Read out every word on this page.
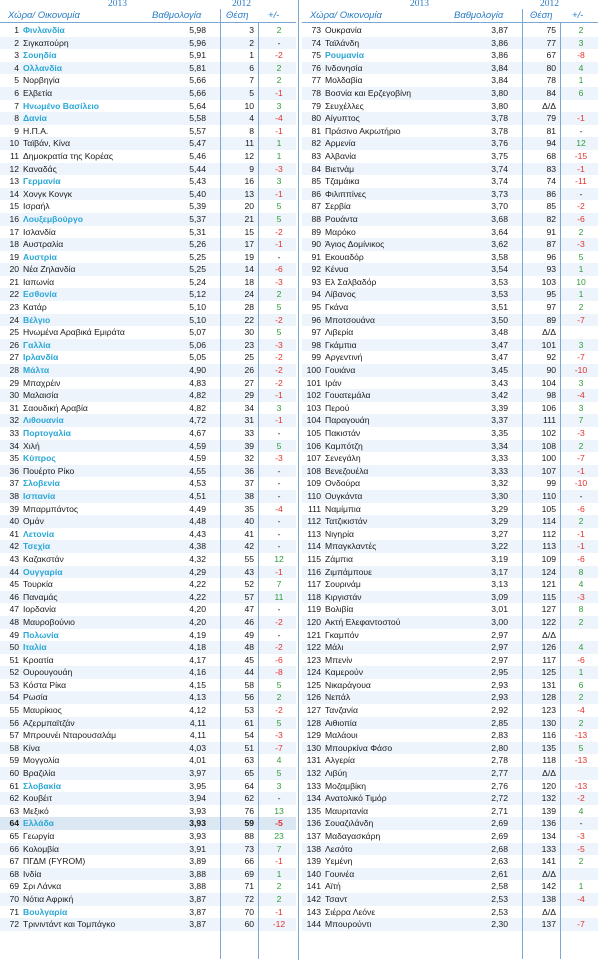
2013	2012
Χώρα/ Οικονομία	Βαθμολογία	Θέση +/-
2013	2012
Χώρα/ Οικονομία	Βαθμολογία	Θέση +/-
1 Φινλανδία	5,98	3	2
2 Σιγκαπούρη	5,96	2	-
3 Σουηδία	5,91	1	-2
4 Ολλανδία	5,81	6	2
5 Νορβηγία	5,66	7	2
6 Ελβετία	5,66	5	-1
7 Ηνωμένο Βασίλειο	5,64	10	3
8 Δανία	5,58	4	-4
9 Η.Π.Α.	5,57	8	-1
10 Ταϊβάν, Κίνα	5,47	11	1
11 Δημοκρατία της Κορέας	5,46	12	1
12 Καναδάς	5,44	9	-3
13 Γερμανία	5,43	16	3
14 Χονγκ Κονγκ	5,40	13	-1
15 Ισραήλ	5,39	20	5
16 Λουξεμβούργο	5,37	21	5
17 Ισλανδία	5,31	15	-2
18 Αυστραλία	5,26	17	-1
19 Αυστρία	5,25	19	-
20 Νέα Ζηλανδία	5,25	14	-6
21 Ιαπωνία	5,24	18	-3
22 Εσθονία	5,12	24	2
23 Κατάρ	5,10	28	5
24 Βέλγιο	5,10	22	-2
25 Ηνωμένα Αραβικά Εμιράτα	5,07	30	5
26 Γαλλία	5,06	23	-3
27 Ιρλανδία	5,05	25	-2
28 Μάλτα	4,90	26	-2
29 Μπαχρέιν	4,83	27	-2
30 Μαλαισία	4,82	29	-1
31 Σαουδική Αραβία	4,82	34	3
32 Λιθουανία	4,72	31	-1
33 Πορτογαλία	4,67	33	-
34 Χιλή	4,59	39	5
35 Κύπρος	4,59	32	-3
36 Πουέρτο Ρίκο	4,55	36	-
37 Σλοβενία	4,53	37	-
38 Ισπανία	4,51	38	-
39 Μπαρμπάντος	4,49	35	-4
40 Ομάν	4,48	40	-
41 Λετονία	4,43	41	-
42 Τσεχία	4,38	42	-
43 Καζακστάν	4,32	55	12
44 Ουγγαρία	4,29	43	-1
45 Τουρκία	4,22	52	7
46 Παναμάς	4,22	57	11
47 Ιορδανία	4,20	47	-
48 Μαυροβούνιο	4,20	46	-2
49 Πολωνία	4,19	49	-
50 Ιταλία	4,18	48	-2
51 Κροατία	4,17	45	-6
52 Ουρουγουάη	4,16	44	-8
53 Κόστα Ρίκα	4,15	58	5
54 Ρωσία	4,13	56	2
55 Μαυρίκιος	4,12	53	-2
56 Αζερμπαϊτζάν	4,11	61	5
57 Μπρουνέι Νταρουσαλάμ	4,11	54	-3
58 Κίνα	4,03	51	-7
59 Μογγολία	4,01	63	4
60 Βραζιλία	3,97	65	5
61 Σλοβακία	3,95	64	3
62 Κουβέιτ	3,94	62	-
63 Μεξικό	3,93	76	13
64 Ελλάδα	3,93	59	-5
65 Γεωργία	3,93	88	23
66 Κολομβία	3,91	73	7
67 ΠΓΔΜ (FYROM)	3,89	66	-1
68 Ινδία	3,88	69	1
69 Σρι Λάνκα	3,88	71	2
70 Νότια Αφρική	3,87	72	2
71 Βουλγαρία	3,87	70	-1
72 Τρινιντάντ και Τομπάγκο	3,87	60	-12
73 Ουκρανία	3,87	75	2
74 Ταϊλάνδη	3,86	77	3
75 Ρουμανία	3,86	67	-8
76 Ινδονησία	3,84	80	4
77 Μολδαβία	3,84	78	1
78 Βοσνία και Ερζεγοβίνη	3,80	84	6
79 Σευχέλλες	3,80	Δ/Δ
80 Αίγυπτος	3,78	79	-1
81 Πράσινο Ακρωτήριο	3,78	81	-
82 Αρμενία	3,76	94	12
83 Αλβανία	3,75	68	-15
84 Βιετνάμ	3,74	83	-1
85 Τζαμάικα	3,74	74	-11
86 Φιλιππίνες	3,73	86	-
87 Σερβία	3,70	85	-2
88 Ρουάντα	3,68	82	-6
89 Μαρόκο	3,64	91	2
90 Άγιος Δομίνικος	3,62	87	-3
91 Εκουαδόρ	3,58	96	5
92 Κένυα	3,54	93	1
93 Ελ Σαλβαδόρ	3,53	103	10
94 Λίβανος	3,53	95	1
95 Γκάνα	3,51	97	2
96 Μποτσουάνα	3,50	89	-7
97 Λιβερία	3,48	Δ/Δ
98 Γκάμπια	3,47	101	3
99 Αργεντινή	3,47	92	-7
100 Γουιάνα	3,45	90	-10
101 Ιράν	3,43	104	3
102 Γουατεμάλα	3,42	98	-4
103 Περού	3,39	106	3
104 Παραγουάη	3,37	111	7
105 Πακιστάν	3,35	102	-3
106 Καμπότζη	3,34	108	2
107 Σενεγάλη	3,33	100	-7
108 Βενεζουέλα	3,33	107	-1
109 Ονδούρα	3,32	99	-10
110 Ουγκάντα	3,30	110	-
111 Ναμίμπια	3,29	105	-6
112 Τατζικιστάν	3,29	114	2
113 Νιγηρία	3,27	112	-1
114 Μπαγκλαντές	3,22	113	-1
115 Ζάμπια	3,19	109	-6
116 Ζιμπάμπουε	3,17	124	8
117 Σουρινάμ	3,13	121	4
118 Κιργιστάν	3,09	115	-3
119 Βολιβία	3,01	127	8
120 Ακτή Ελεφαντοστού	3,00	122	2
121 Γκαμπόν	2,97	Δ/Δ
122 Μάλι	2,97	126	4
123 Μπενίν	2,97	117	-6
124 Καμερούν	2,95	125	1
125 Νικαράγουα	2,93	131	6
126 Νεπάλ	2,93	128	2
127 Τανζανία	2,92	123	-4
128 Αιθιοπία	2,85	130	2
129 Μαλάουι	2,83	116	-13
130 Μπουρκίνα Φάσο	2,80	135	5
131 Αλγερία	2,78	118	-13
132 Λιβύη	2,77	Δ/Δ
133 Μοζαμβίκη	2,76	120	-13
134 Ανατολικό Τιμόρ	2,72	132	-2
135 Μαυριτανία	2,71	139	4
136 Σουαζιλάνδη	2,69	136	-
137 Μαδαγασκάρη	2,69	134	-3
138 Λεσότο	2,68	133	-5
139 Υεμένη	2,63	141	2
140 Γουινέα	2,61	Δ/Δ
141 Αϊτή	2,58	142	1
142 Τσαντ	2,53	138	-4
143 Σιέρρα Λεόνε	2,53	Δ/Δ
144 Μπουρούντι	2,30	137	-7
